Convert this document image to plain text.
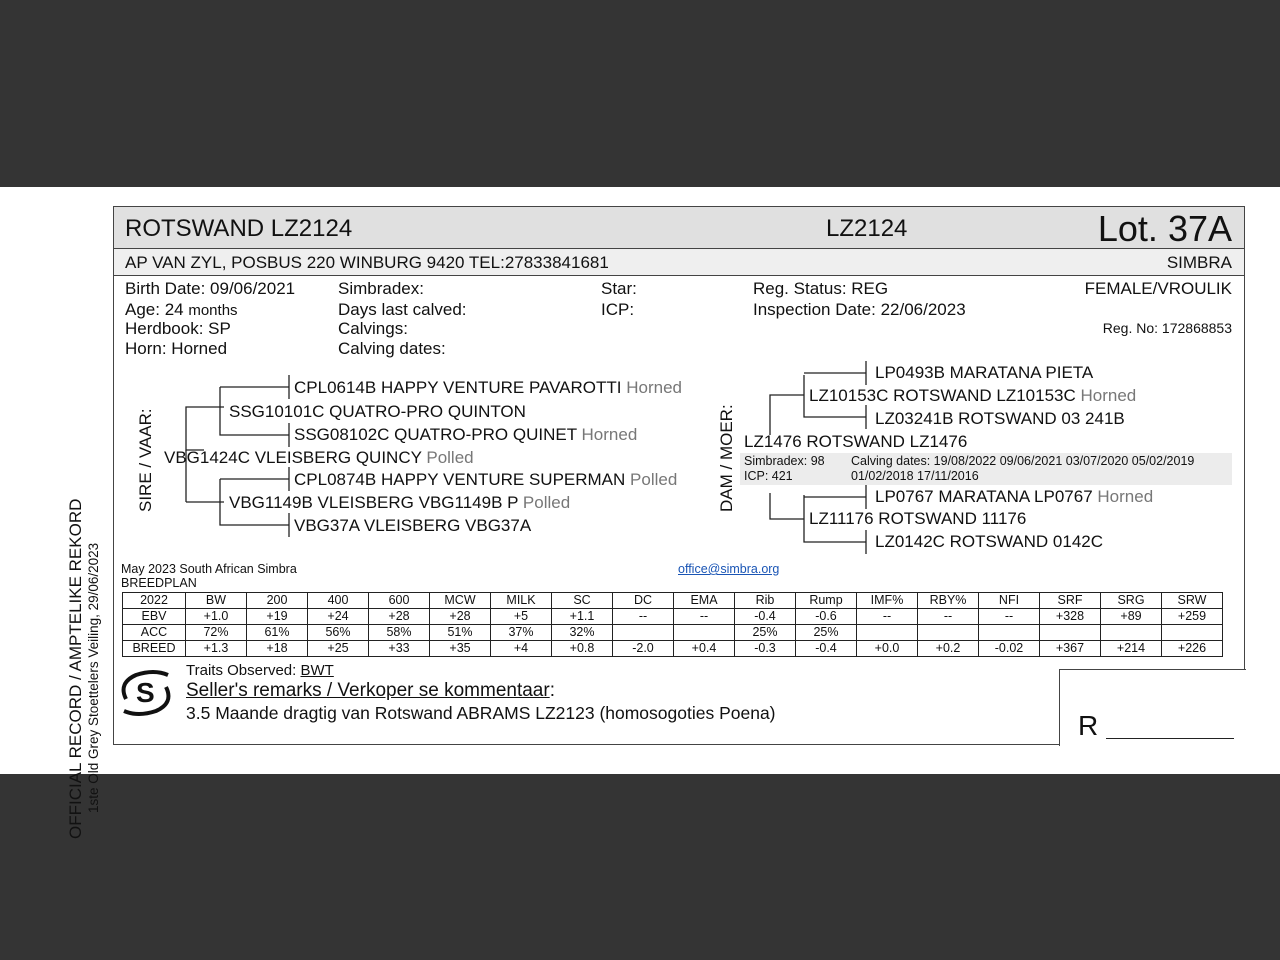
OFFICIAL RECORD / AMPTELIKE REKORD 1ste Old Grey Stoettelers Veiling, 29/06/2023
ROTSWAND LZ2124	LZ2124	Lot. 37A
AP VAN ZYL, POSBUS 220 WINBURG 9420 TEL:27833841681	SIMBRA
Birth Date: 09/06/2021
Age: 24 months
Herdbook: SP
Horn: Horned
Simbradex:
Days last calved:
Calvings:
Calving dates:
Star:
ICP:
Reg. Status: REG
Inspection Date: 22/06/2023
FEMALE/VROULIK
Reg. No: 172868853
SIRE / VAAR:	DAM / MOER:
CPL0614B HAPPY VENTURE PAVAROTTI Horned
SSG10101C QUATRO-PRO QUINTON
SSG08102C QUATRO-PRO QUINET Horned
VBG1424C VLEISBERG QUINCY Polled
CPL0874B HAPPY VENTURE SUPERMAN Polled
VBG1149B VLEISBERG VBG1149B P Polled
VBG37A VLEISBERG VBG37A
LP0493B MARATANA PIETA
LZ10153C ROTSWAND LZ10153C Horned
LZ03241B ROTSWAND 03 241B
LZ1476 ROTSWAND LZ1476
Simbradex: 98
ICP: 421
Calving dates: 19/08/2022 09/06/2021 03/07/2020 05/02/2019
01/02/2018 17/11/2016
LP0767 MARATANA LP0767 Horned
LZ11176 ROTSWAND 11176
LZ0142C ROTSWAND 0142C
May 2023 South African Simbra
BREEDPLAN
office@simbra.org
2022	BW	200	400	600	MCW	MILK	SC	DC	EMA	Rib	Rump	IMF%	RBY%	NFI	SRF	SRG	SRW
EBV	+1.0	+19	+24	+28	+28	+5	+1.1	--	--	-0.4	-0.6	--	--	--	+328	+89	+259
ACC	72%	61%	56%	58%	51%	37%	32%			25%	25%						
BREED	+1.3	+18	+25	+33	+35	+4	+0.8	-2.0	+0.4	-0.3	-0.4	+0.0	+0.2	-0.02	+367	+214	+226
S
Traits Observed: BWT
Seller's remarks / Verkoper se kommentaar:
3.5 Maande dragtig van Rotswand ABRAMS LZ2123 (homosogoties Poena)	R
